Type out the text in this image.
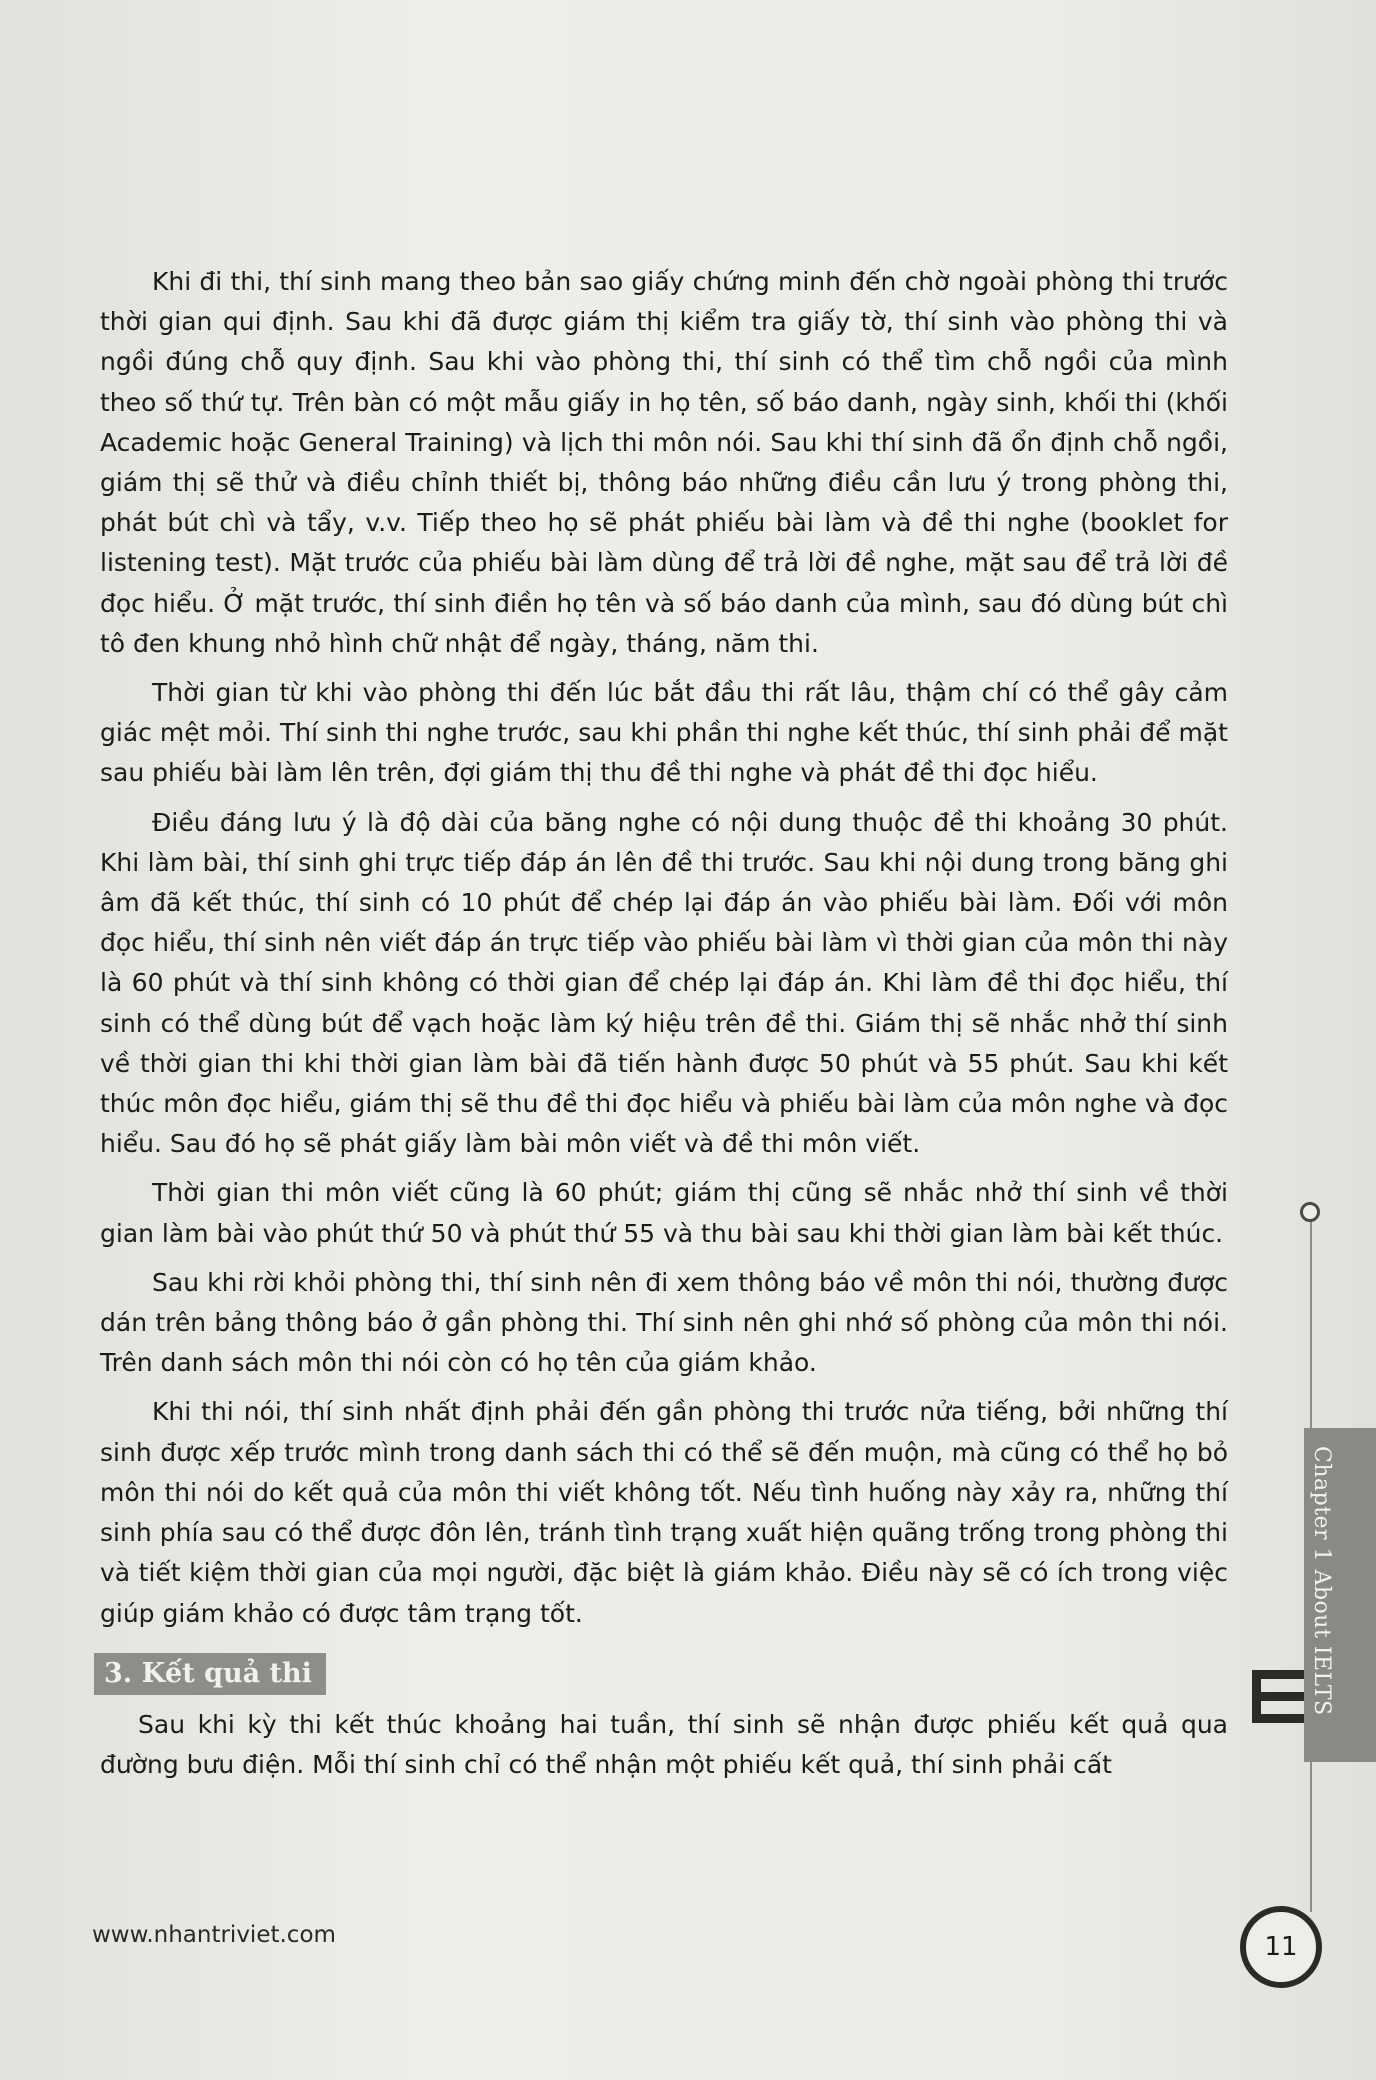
Khi đi thi, thí sinh mang theo bản sao giấy chứng minh đến chờ ngoài phòng thi trước thời gian qui định. Sau khi đã được giám thị kiểm tra giấy tờ, thí sinh vào phòng thi và ngồi đúng chỗ quy định. Sau khi vào phòng thi, thí sinh có thể tìm chỗ ngồi của mình theo số thứ tự. Trên bàn có một mẫu giấy in họ tên, số báo danh, ngày sinh, khối thi (khối Academic hoặc General Training) và lịch thi môn nói. Sau khi thí sinh đã ổn định chỗ ngồi, giám thị sẽ thử và điều chỉnh thiết bị, thông báo những điều cần lưu ý trong phòng thi, phát bút chì và tẩy, v.v. Tiếp theo họ sẽ phát phiếu bài làm và đề thi nghe (booklet for listening test). Mặt trước của phiếu bài làm dùng để trả lời đề nghe, mặt sau để trả lời đề đọc hiểu. Ở mặt trước, thí sinh điền họ tên và số báo danh của mình, sau đó dùng bút chì tô đen khung nhỏ hình chữ nhật để ngày, tháng, năm thi.

Thời gian từ khi vào phòng thi đến lúc bắt đầu thi rất lâu, thậm chí có thể gây cảm giác mệt mỏi. Thí sinh thi nghe trước, sau khi phần thi nghe kết thúc, thí sinh phải để mặt sau phiếu bài làm lên trên, đợi giám thị thu đề thi nghe và phát đề thi đọc hiểu.

Điều đáng lưu ý là độ dài của băng nghe có nội dung thuộc đề thi khoảng 30 phút. Khi làm bài, thí sinh ghi trực tiếp đáp án lên đề thi trước. Sau khi nội dung trong băng ghi âm đã kết thúc, thí sinh có 10 phút để chép lại đáp án vào phiếu bài làm. Đối với môn đọc hiểu, thí sinh nên viết đáp án trực tiếp vào phiếu bài làm vì thời gian của môn thi này là 60 phút và thí sinh không có thời gian để chép lại đáp án. Khi làm đề thi đọc hiểu, thí sinh có thể dùng bút để vạch hoặc làm ký hiệu trên đề thi. Giám thị sẽ nhắc nhở thí sinh về thời gian thi khi thời gian làm bài đã tiến hành được 50 phút và 55 phút. Sau khi kết thúc môn đọc hiểu, giám thị sẽ thu đề thi đọc hiểu và phiếu bài làm của môn nghe và đọc hiểu. Sau đó họ sẽ phát giấy làm bài môn viết và đề thi môn viết.

Thời gian thi môn viết cũng là 60 phút; giám thị cũng sẽ nhắc nhở thí sinh về thời gian làm bài vào phút thứ 50 và phút thứ 55 và thu bài sau khi thời gian làm bài kết thúc.

Sau khi rời khỏi phòng thi, thí sinh nên đi xem thông báo về môn thi nói, thường được dán trên bảng thông báo ở gần phòng thi. Thí sinh nên ghi nhớ số phòng của môn thi nói. Trên danh sách môn thi nói còn có họ tên của giám khảo.

Khi thi nói, thí sinh nhất định phải đến gần phòng thi trước nửa tiếng, bởi những thí sinh được xếp trước mình trong danh sách thi có thể sẽ đến muộn, mà cũng có thể họ bỏ môn thi nói do kết quả của môn thi viết không tốt. Nếu tình huống này xảy ra, những thí sinh phía sau có thể được đôn lên, tránh tình trạng xuất hiện quãng trống trong phòng thi và tiết kiệm thời gian của mọi người, đặc biệt là giám khảo. Điều này sẽ có ích trong việc giúp giám khảo có được tâm trạng tốt.

3. Kết quả thi

Sau khi kỳ thi kết thúc khoảng hai tuần, thí sinh sẽ nhận được phiếu kết quả qua đường bưu điện. Mỗi thí sinh chỉ có thể nhận một phiếu kết quả, thí sinh phải cất

Chapter 1 About IELTS
11
www.nhantriviet.com
